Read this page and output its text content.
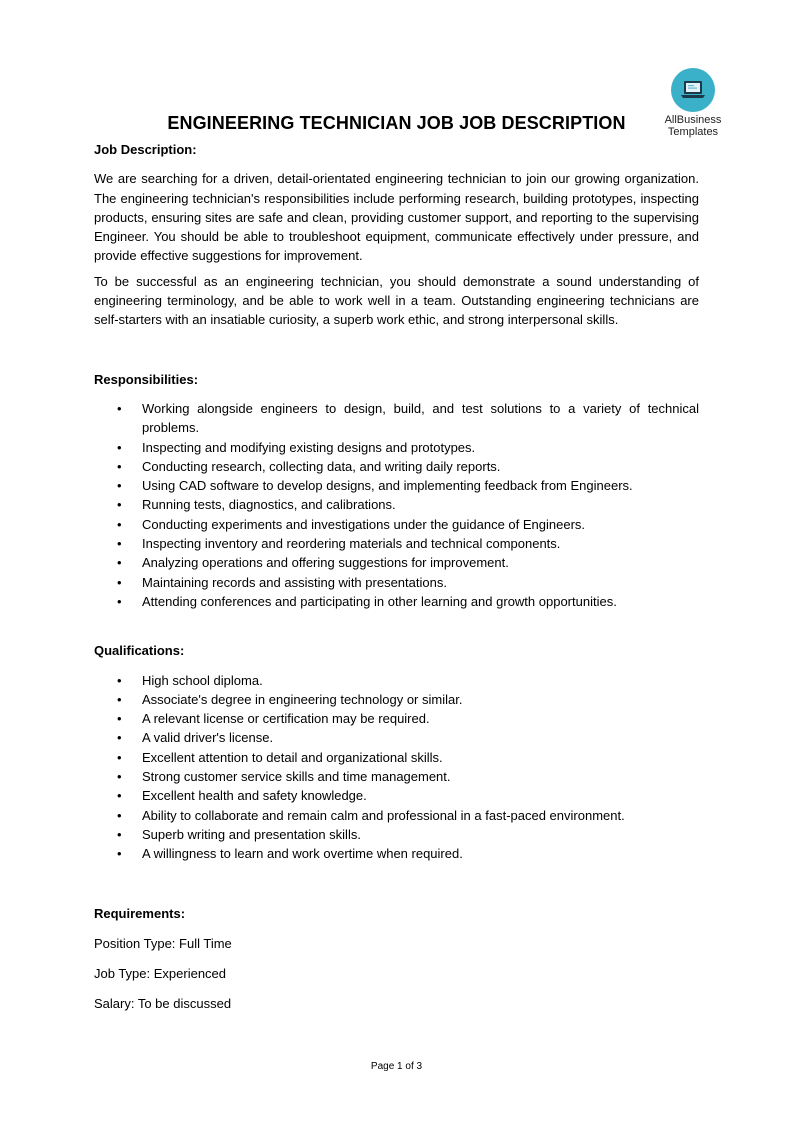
AllBusiness
Templates
ENGINEERING TECHNICIAN JOB JOB DESCRIPTION

Job Description:

We are searching for a driven, detail-orientated engineering technician to join our growing organization. The engineering technician's responsibilities include performing research, building prototypes, inspecting products, ensuring sites are safe and clean, providing customer support, and reporting to the supervising Engineer. You should be able to troubleshoot equipment, communicate effectively under pressure, and provide effective suggestions for improvement.

To be successful as an engineering technician, you should demonstrate a sound understanding of engineering terminology, and be able to work well in a team. Outstanding engineering technicians are self-starters with an insatiable curiosity, a superb work ethic, and strong interpersonal skills.

Responsibilities:

• Working alongside engineers to design, build, and test solutions to a variety of technical problems.
• Inspecting and modifying existing designs and prototypes.
• Conducting research, collecting data, and writing daily reports.
• Using CAD software to develop designs, and implementing feedback from Engineers.
• Running tests, diagnostics, and calibrations.
• Conducting experiments and investigations under the guidance of Engineers.
• Inspecting inventory and reordering materials and technical components.
• Analyzing operations and offering suggestions for improvement.
• Maintaining records and assisting with presentations.
• Attending conferences and participating in other learning and growth opportunities.

Qualifications:

• High school diploma.
• Associate's degree in engineering technology or similar.
• A relevant license or certification may be required.
• A valid driver's license.
• Excellent attention to detail and organizational skills.
• Strong customer service skills and time management.
• Excellent health and safety knowledge.
• Ability to collaborate and remain calm and professional in a fast-paced environment.
• Superb writing and presentation skills.
• A willingness to learn and work overtime when required.

Requirements:

Position Type: Full Time

Job Type: Experienced

Salary: To be discussed

Page 1 of 3
